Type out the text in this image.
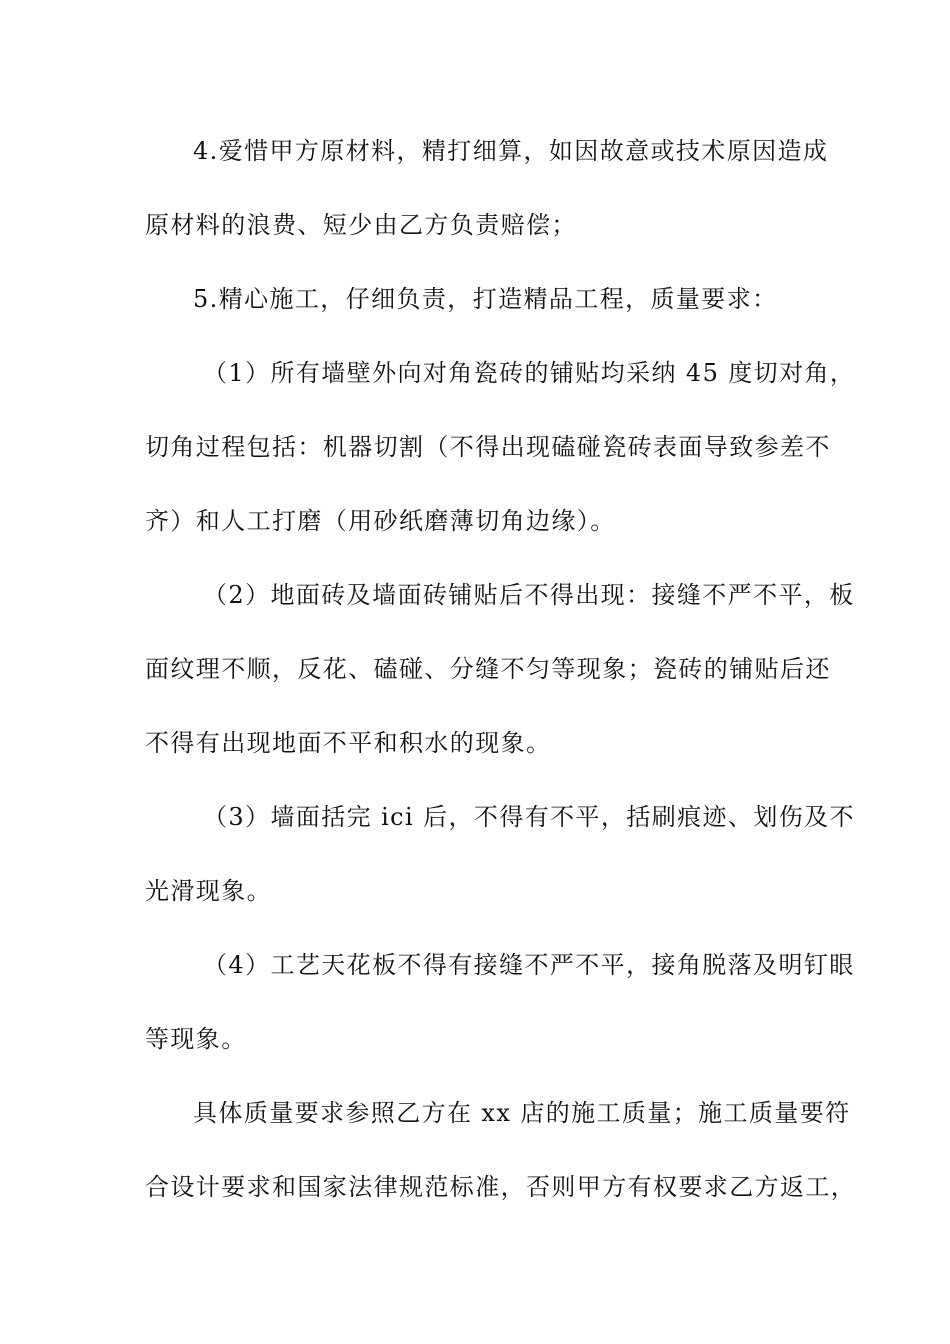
4.爱惜甲方原材料，精打细算，如因故意或技术原因造成
原材料的浪费、短少由乙方负责赔偿；

5.精心施工，仔细负责，打造精品工程，质量要求：

（1）所有墙壁外向对角瓷砖的铺贴均采纳 45 度切对角，
切角过程包括：机器切割（不得出现磕碰瓷砖表面导致参差不
齐）和人工打磨（用砂纸磨薄切角边缘）。

（2）地面砖及墙面砖铺贴后不得出现：接缝不严不平，板
面纹理不顺，反花、磕碰、分缝不匀等现象；瓷砖的铺贴后还
不得有出现地面不平和积水的现象。

（3）墙面括完 ici 后，不得有不平，括刷痕迹、划伤及不
光滑现象。

（4）工艺天花板不得有接缝不严不平，接角脱落及明钉眼
等现象。

具体质量要求参照乙方在 xx 店的施工质量；施工质量要符
合设计要求和国家法律规范标准，否则甲方有权要求乙方返工，
